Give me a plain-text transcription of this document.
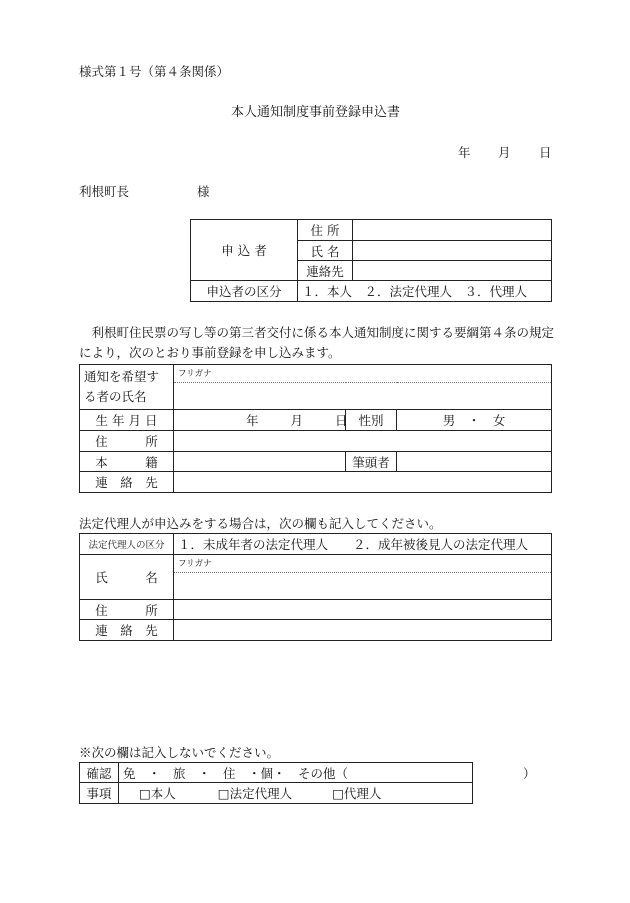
様式第１号（第４条関係）
本人通知制度事前登録申込書
年 月 日
利根町長	様
申 込 者	住 所	
	氏 名	
	連絡先	
申込者の区分	１．本人　２．法定代理人　３．代理人	
利根町住民票の写し等の第三者交付に係る本人通知制度に関する要綱第４条の規定により，次のとおり事前登録を申し込みます。
通知を希望する者の氏名	フリガナ		

生 年 月 日	年 月 日	性別	男　・　女
住　　　所			
本　　　籍		筆頭者	
連　絡　先			
法定代理人が申込みをする場合は，次の欄も記入してください。
法定代理人の区分	１．未成年者の法定代理人　　２．成年被後見人の法定代理人
氏　　　名	フリガナ

住　　　所	
連　絡　先	
※次の欄は記入しないでください。
確認	免　・　旅　・　住　・個・　その他（　　　　　　　　　　　　　　）
事項	□本人 □法定代理人 □代理人
